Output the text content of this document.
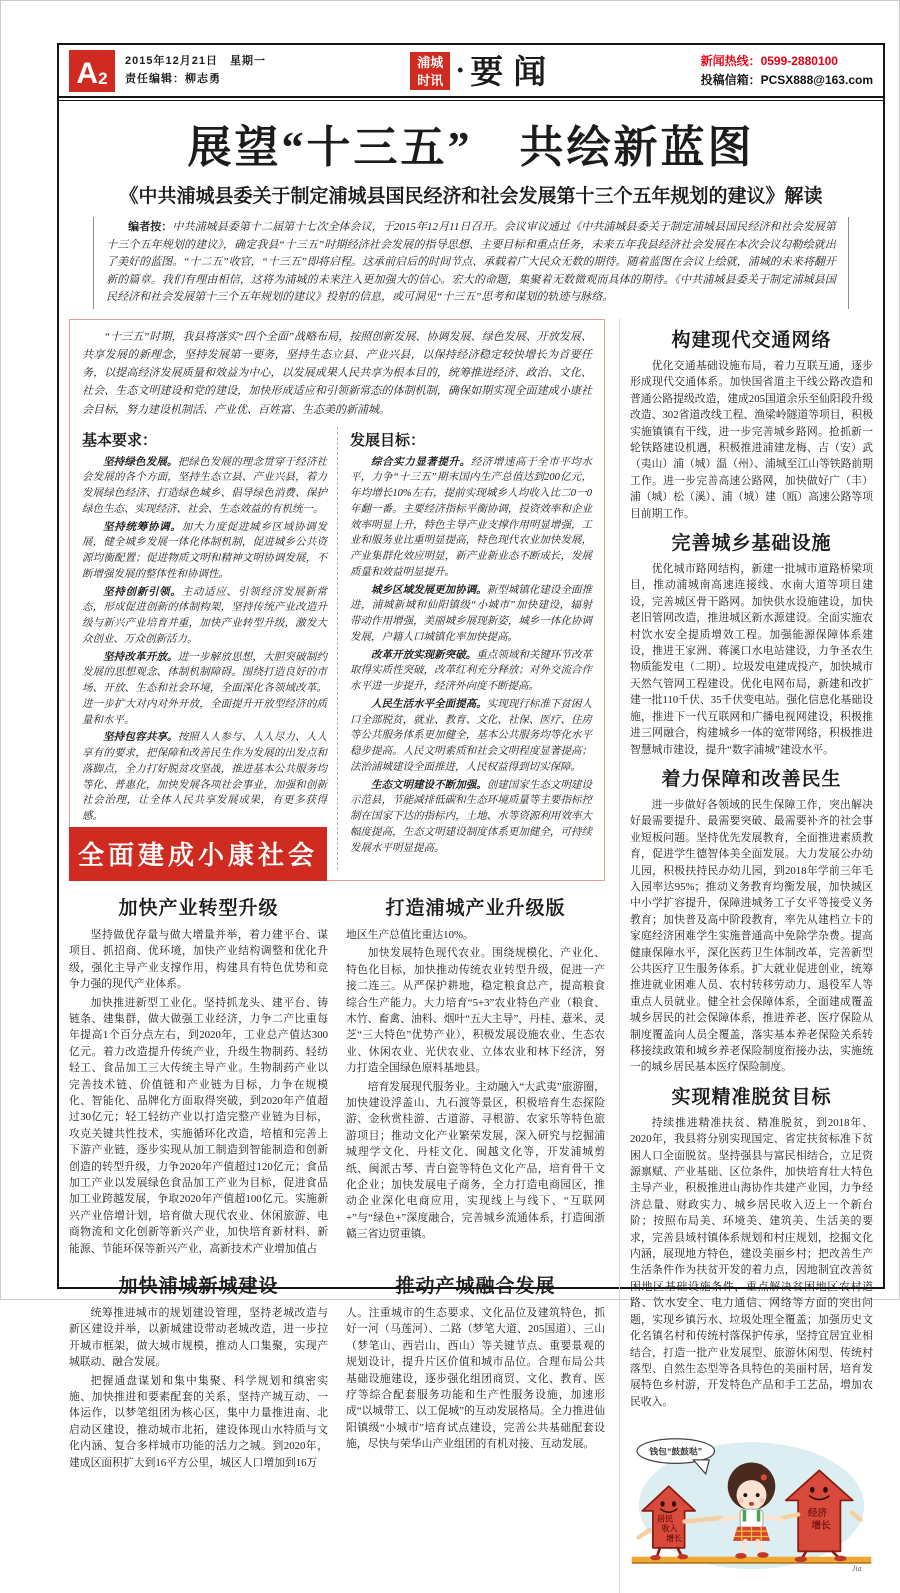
A 2
2015年12月21日　星期一
责任编辑：柳志勇
浦城
时讯 · 要闻	新闻热线：0599-2880100
投稿信箱：PCSX888@163.com
展望“十三五”　共绘新蓝图
《中共浦城县委关于制定浦城县国民经济和社会发展第十三个五年规划的建议》解读

编者按：中共浦城县委第十二届第十七次全体会议，于2015年12月11日召开。会议审议通过《中共浦城县委关于制定浦城县国民经济和社会发展第十三个五年规划的建议》，确定我县“十三五”时期经济社会发展的指导思想、主要目标和重点任务，未来五年我县经济社会发展在本次会议勾勒绘就出了美好的蓝图。“十二五”收官，“十三五”即将启程。这承前启后的时间节点、承载着广大民众无数的期待。随着蓝图在会议上绘就，浦城的未来将翻开新的篇章。我们有理由相信，这将为浦城的未来注入更加强大的信心。宏大的命题，集聚着无数微观而具体的期待。《中共浦城县委关于制定浦城县国民经济和社会发展第十三个五年规划的建议》投射的信息，或可洞见“十三五”思考和谋划的轨迹与脉络。

“十三五”时期，我县将落实“四个全面”战略布局，按照创新发展、协调发展、绿色发展、开放发展、共享发展的新理念，坚持发展第一要务，坚持生态立县、产业兴县，以保持经济稳定较快增长为首要任务，以提高经济发展质量和效益为中心，以发展成果人民共享为根本目的，统筹推进经济、政治、文化、社会、生态文明建设和党的建设，加快形成适应和引领新常态的体制机制，确保如期实现全面建成小康社会目标，努力建设机制活、产业优、百姓富、生态美的新浦城。

基本要求：

坚持绿色发展。把绿色发展的理念贯穿于经济社会发展的各个方面，坚持生态立县、产业兴县，着力发展绿色经济、打造绿色城乡、倡导绿色消费、保护绿色生态、实现经济、社会、生态效益的有机统一。

坚持统筹协调。加大力度促进城乡区域协调发展，健全城乡发展一体化体制机制，促进城乡公共资源均衡配置；促进物质文明和精神文明协调发展，不断增强发展的整体性和协调性。

坚持创新引领。主动适应、引领经济发展新常态，形成促进创新的体制构架，坚持传统产业改造升级与新兴产业培育并重，加快产业转型升级，激发大众创业、万众创新活力。

坚持改革开放。进一步解放思想，大胆突破制约发展的思想观念、体制机制障碍。围绕打造良好的市场、开放、生态和社会环境，全面深化各领域改革。进一步扩大对内对外开放，全面提升开放型经济的质量和水平。

坚持包容共享。按照人人参与、人人尽力、人人享有的要求，把保障和改善民生作为发展的出发点和落脚点，全力打好脱贫攻坚战，推进基本公共服务均等化、普惠化，加快发展各项社会事业，加强和创新社会治理，让全体人民共享发展成果，有更多获得感。

全面建成小康社会
发展目标：

综合实力显著提升。经济增速高于全市平均水平，力争“十三五”期末国内生产总值达到200亿元，年均增长10%左右，提前实现城乡人均收入比二0一0年翻一番。主要经济指标平衡协调，投资效率和企业效率明显上升，特色主导产业支撑作用明显增强，工业和服务业比重明显提高，特色现代农业加快发展，产业集群化效应明显，新产业新业态不断成长，发展质量和效益明显提升。

城乡区域发展更加协调。新型城镇化建设全面推进，浦城新城和仙阳镇级“小城市”加快建设，辐射带动作用增强，美丽城乡展现新姿，城乡一体化协调发展，户籍人口城镇化率加快提高。

改革开放实现新突破。重点领域和关键环节改革取得实质性突破，改革红利充分释放；对外交流合作水平进一步提升，经济外向度不断提高。

人民生活水平全面提高。实现现行标准下贫困人口全部脱贫，就业、教育、文化、社保、医疗、住房等公共服务体系更加健全，基本公共服务均等化水平稳步提高。人民文明素质和社会文明程度显著提高；法治浦城建设全面推进，人民权益得到切实保障。

生态文明建设不断加强。创建国家生态文明建设示范县，节能减排低碳和生态环境质量等主要指标控制在国家下达的指标内，土地、水等资源利用效率大幅度提高，生态文明建设制度体系更加健全，可持续发展水平明显提高。

加快产业转型升级

坚持做优存量与做大增量并举，着力建平台、谋项目、抓招商、优环境，加快产业结构调整和优化升级，强化主导产业支撑作用，构建具有特色优势和竞争力强的现代产业体系。

加快推进新型工业化。坚持抓龙头、建平台、铸链条、建集群，做大做强工业经济，力争二产比重每年提高1个百分点左右，到2020年，工业总产值达300亿元。着力改造提升传统产业，升级生物制药、轻纺轻工、食品加工三大传统主导产业。生物制药产业以完善技术链、价值链和产业链为目标，力争在规模化、智能化、品牌化方面取得突破，到2020年产值超过30亿元；轻工轻纺产业以打造完整产业链为目标，攻克关键共性技术，实施循环化改造，培植和完善上下游产业链，逐步实现从加工制造到智能制造和创新创造的转型升级，力争2020年产值超过120亿元；食品加工产业以发展绿色食品加工产业为目标，促进食品加工业跨越发展，争取2020年产值超100亿元。实施新兴产业倍增计划，培育做大现代农业、休闲旅游、电商物流和文化创新等新兴产业，加快培育新材料、新能源、节能环保等新兴产业，高新技术产业增加值占

打造浦城产业升级版

地区生产总值比重达10%。

加快发展特色现代农业。围绕规模化、产业化、特色化目标，加快推动传统农业转型升级，促进一产接二连三。从严保护耕地，稳定粮食总产，提高粮食综合生产能力。大力培育“5+3”农业特色产业（粮食、木竹、畜禽、油料、烟叶“五大主导”，丹桂、薏米、灵芝“三大特色”优势产业），积极发展设施农业、生态农业、休闲农业、光伏农业、立体农业和林下经济，努力打造全国绿色原料基地县。

培育发展现代服务业。主动融入“大武夷”旅游圈，加快建设浮盖山、九石渡等景区，积极培育生态探险游、金秋赏桂游、古道游、寻根游、农家乐等特色旅游项目；推动文化产业繁荣发展，深入研究与挖掘浦城理学文化、丹桂文化、闽越文化等，开发浦城剪纸、闽派古琴、青白瓷等特色文化产品，培育骨干文化企业；加快发展电子商务，全力打造电商园区，推动企业深化电商应用，实现线上与线下、“互联网+”与“绿色+”深度融合，完善城乡流通体系，打造闽浙赣三省边贸重镇。

加快浦城新城建设

统筹推进城市的规划建设管理，坚持老城改造与新区建设并举，以新城建设带动老城改造，进一步拉开城市框架，做大城市规模，推动人口集聚，实现产城联动、融合发展。

把握通盘谋划和集中集聚、科学规划和缜密实施、加快推进和要素配套的关系，坚持产城互动、一体运作，以梦笔组团为核心区，集中力量推进南、北启动区建设，推动城市北拓，建设体现山水特质与文化内涵、复合多样城市功能的活力之城。到2020年，建成区面积扩大到16平方公里，城区人口增加到16万

推动产城融合发展

人。注重城市的生态要求、文化品位及建筑特色，抓好一河（马莲河）、二路（梦笔大道、205国道）、三山（梦笔山、西岩山、西山）等关键节点、重要景观的规划设计，提升片区价值和城市品位。合理布局公共基础设施建设，逐步强化组团商贸、文化、教育、医疗等综合配套服务功能和生产性服务设施，加速形成“以城带工、以工促城”的互动发展格局。全力推进仙阳镇级“小城市”培育试点建设，完善公共基础配套设施，尽快与荣华山产业组团的有机对接、互动发展。

构建现代交通网络

优化交通基础设施布局，着力互联互通，逐步形成现代交通体系。加快国省道主干线公路改造和普通公路提级改造，建成205国道余乐至仙阳段升级改造、302省道改线工程、渔梁岭隧道等项目，积极实施镇镇有干线，进一步完善城乡路网。抢抓新一轮铁路建设机遇，积极推进浦建龙梅、吉（安）武（夷山）浦（城）温（州）、浦城至江山等铁路前期工作。进一步完善高速公路网，加快做好广（丰）浦（城）松（溪）、浦（城）建（瓯）高速公路等项目前期工作。

完善城乡基础设施

优化城市路网结构，新建一批城市道路桥梁项目，推动浦城南高速连接线、水南大道等项目建设，完善城区骨干路网。加快供水设施建设，加快老旧管网改造，推进城区新水源建设。全面实施农村饮水安全提质增效工程。加强能源保障体系建设，推进王家洲、蒋溪口水电站建设，力争圣农生物质能发电（二期）、垃圾发电建成投产，加快城市天然气管网工程建设。优化电网布局，新建和改扩建一批110千伏、35千伏变电站。强化信息化基础设施，推进下一代互联网和广播电视网建设，积极推进三网融合，构建城乡一体的宽带网络，积极推进智慧城市建设，提升“数字浦城”建设水平。

着力保障和改善民生

进一步做好各领域的民生保障工作，突出解决好最需要提升、最需要突破、最需要补齐的社会事业短板问题。坚持优先发展教育，全面推进素质教育，促进学生德智体美全面发展。大力发展公办幼儿园，积极扶持民办幼儿园，到2018年学前三年毛入园率达95%；推动义务教育均衡发展，加快城区中小学扩容提升，保障进城务工子女平等接受义务教育；加快普及高中阶段教育，率先从建档立卡的家庭经济困难学生实施普通高中免除学杂费。提高健康保障水平，深化医药卫生体制改革，完善新型公共医疗卫生服务体系。扩大就业促进创业，统筹推进就业困难人员、农村转移劳动力、退役军人等重点人员就业。健全社会保障体系，全面建成覆盖城乡居民的社会保障体系，推进养老、医疗保险从制度覆盖向人员全覆盖，落实基本养老保险关系转移接续政策和城乡养老保险制度衔接办法，实施统一的城乡居民基本医疗保险制度。

实现精准脱贫目标

持续推进精准扶贫、精准脱贫，到2018年、2020年，我县将分别实现国定、省定扶贫标准下贫困人口全面脱贫。坚持强县与富民相结合，立足资源禀赋、产业基础、区位条件，加快培育壮大特色主导产业，积极推进山海协作共建产业园，力争经济总量、财政实力、城乡居民收入迈上一个新台阶；按照布局美、环境美、建筑美、生活美的要求，完善县域村镇体系规划和村庄规划，挖掘文化内涵，展现地方特色，建设美丽乡村；把改善生产生活条件作为扶贫开发的着力点，因地制宜改善贫困地区基础设施条件，重点解决贫困地区农村道路、饮水安全、电力通信、网络等方面的突出问题，实现乡镇污水、垃圾处理全覆盖；加强历史文化名镇名村和传统村落保护传承，坚持宜居宜业相结合，打造一批产业发展型、旅游休闲型、传统村落型、自然生态型等各具特色的美丽村居，培育发展特色乡村游，开发特色产品和手工艺品，增加农民收入。

居民
收入
增长
经济
增长
钱包“鼓鼓哒”
Jia
